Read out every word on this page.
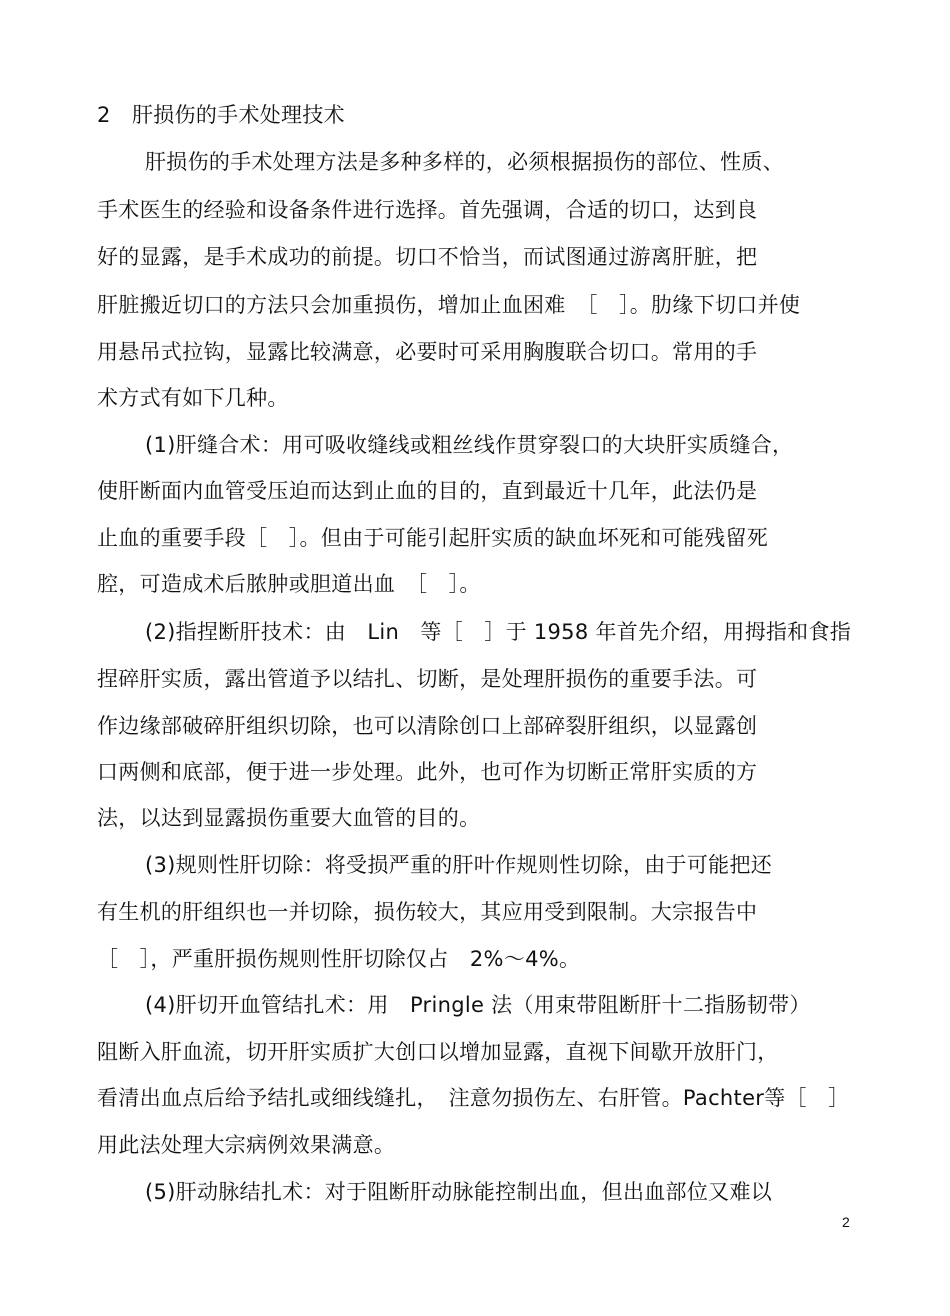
2　肝损伤的手术处理技术
肝损伤的手术处理方法是多种多样的，必须根据损伤的部位、性质、
手术医生的经验和设备条件进行选择。首先强调，合适的切口，达到良
好的显露，是手术成功的前提。切口不恰当，而试图通过游离肝脏，把
肝脏搬近切口的方法只会加重损伤，增加止血困难　［　］。肋缘下切口并使
用悬吊式拉钩，显露比较满意，必要时可采用胸腹联合切口。常用的手
术方式有如下几种。
(1)肝缝合术：用可吸收缝线或粗丝线作贯穿裂口的大块肝实质缝合，
使肝断面内血管受压迫而达到止血的目的，直到最近十几年，此法仍是
止血的重要手段［　］。但由于可能引起肝实质的缺血坏死和可能残留死
腔，可造成术后脓肿或胆道出血　［　］。
(2)指捏断肝技术：由　Lin　等［　］于 1958 年首先介绍，用拇指和食指
捏碎肝实质，露出管道予以结扎、切断，是处理肝损伤的重要手法。可
作边缘部破碎肝组织切除，也可以清除创口上部碎裂肝组织，以显露创
口两侧和底部，便于进一步处理。此外，也可作为切断正常肝实质的方
法，以达到显露损伤重要大血管的目的。
(3)规则性肝切除：将受损严重的肝叶作规则性切除，由于可能把还
有生机的肝组织也一并切除，损伤较大，其应用受到限制。大宗报告中
［　］，严重肝损伤规则性肝切除仅占　2%～4%。
(4)肝切开血管结扎术：用　Pringle 法（用束带阻断肝十二指肠韧带）
阻断入肝血流，切开肝实质扩大创口以增加显露，直视下间歇开放肝门，
看清出血点后给予结扎或细线缝扎，　注意勿损伤左、右肝管。Pachter等［　］
用此法处理大宗病例效果满意。
(5)肝动脉结扎术：对于阻断肝动脉能控制出血，但出血部位又难以
2
